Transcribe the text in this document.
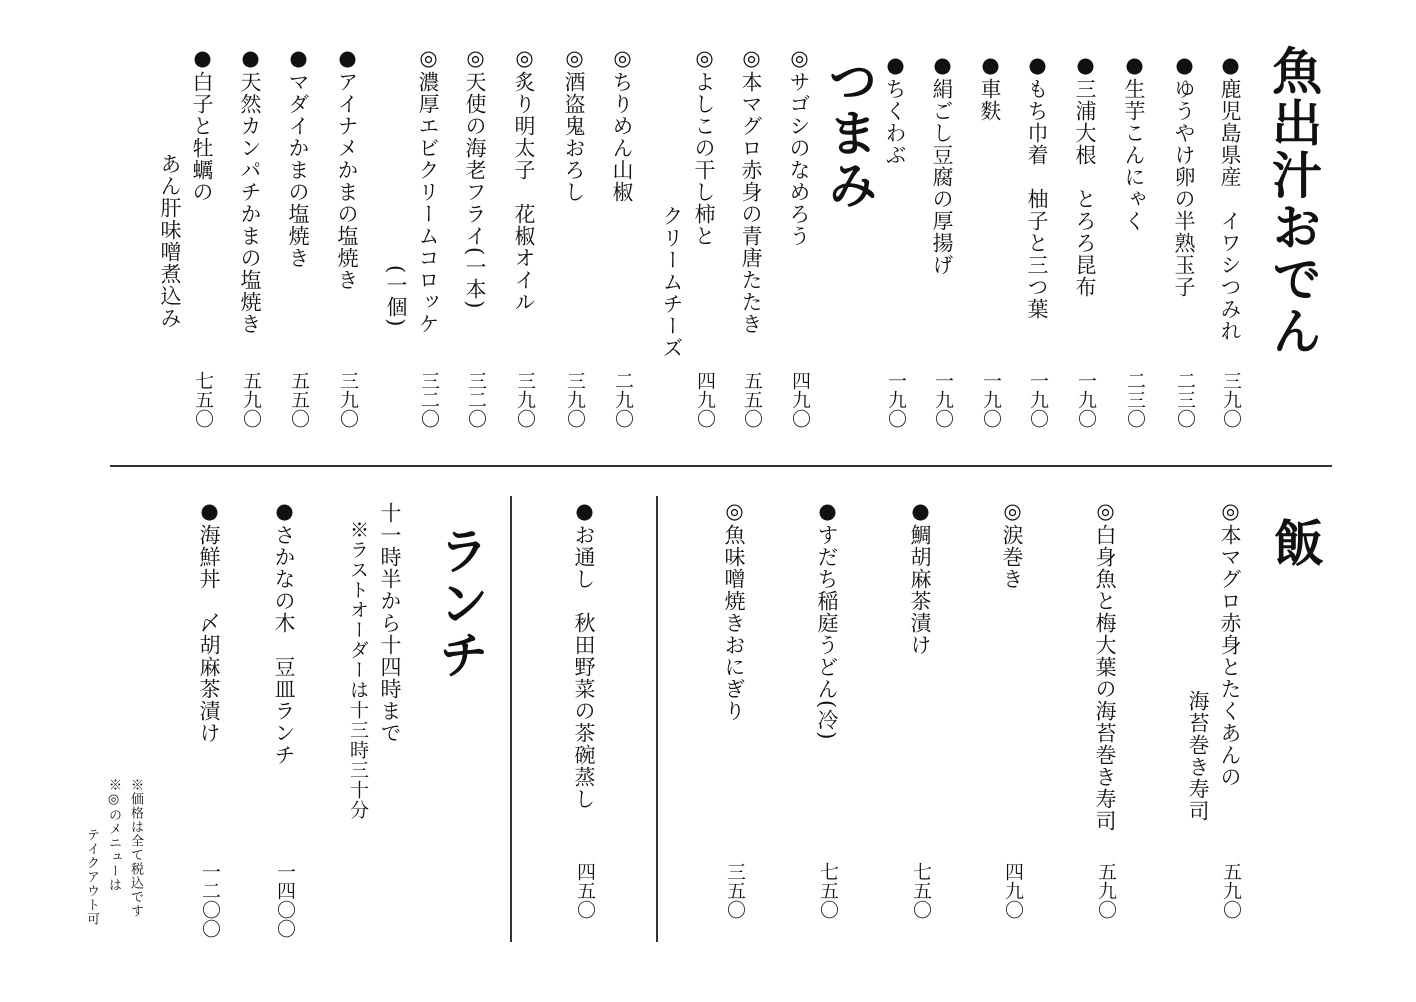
魚出汁おでん
●鹿児島県産　イワシつみれ
三九〇
●ゆうやけ卵の半熟玉子
二三〇
●生芋こんにゃく
二三〇
●三浦大根　とろろ昆布
一九〇
●もち巾着　柚子と三つ葉
一九〇
●車麩
一九〇
●絹ごし豆腐の厚揚げ
一九〇
●ちくわぶ
一九〇
つまみ
◎サゴシのなめろう
四九〇
◎本マグロ赤身の青唐たたき
五五〇
◎よしこの干し柿と
クリームチーズ
四九〇
◎ちりめん山椒
二九〇
◎酒盗鬼おろし
三九〇
◎炙り明太子　花椒オイル
三九〇
◎天使の海老フライ(一本)
三二〇
◎濃厚エビクリームコロッケ
(一個)
三二〇
●アイナメかまの塩焼き
三九〇
●マダイかまの塩焼き
五五〇
●天然カンパチかまの塩焼き
五九〇
●白子と牡蠣の
あん肝味噌煮込み
七五〇
飯
◎本マグロ赤身とたくあんの
海苔巻き寿司
五九〇
◎白身魚と梅大葉の海苔巻き寿司
五九〇
◎涙巻き
四九〇
●鯛胡麻茶漬け
七五〇
●すだち稲庭うどん(冷)
七五〇
◎魚味噌焼きおにぎり
三五〇
●お通し　秋田野菜の茶碗蒸し
四五〇
ランチ
十一時半から十四時まで
※ラストオーダーは十三時三十分
●さかなの木　豆皿ランチ
一四〇〇
●海鮮丼　〆胡麻茶漬け
一二〇〇
※価格は全て税込です
※◎のメニューは
テイクアウト可
